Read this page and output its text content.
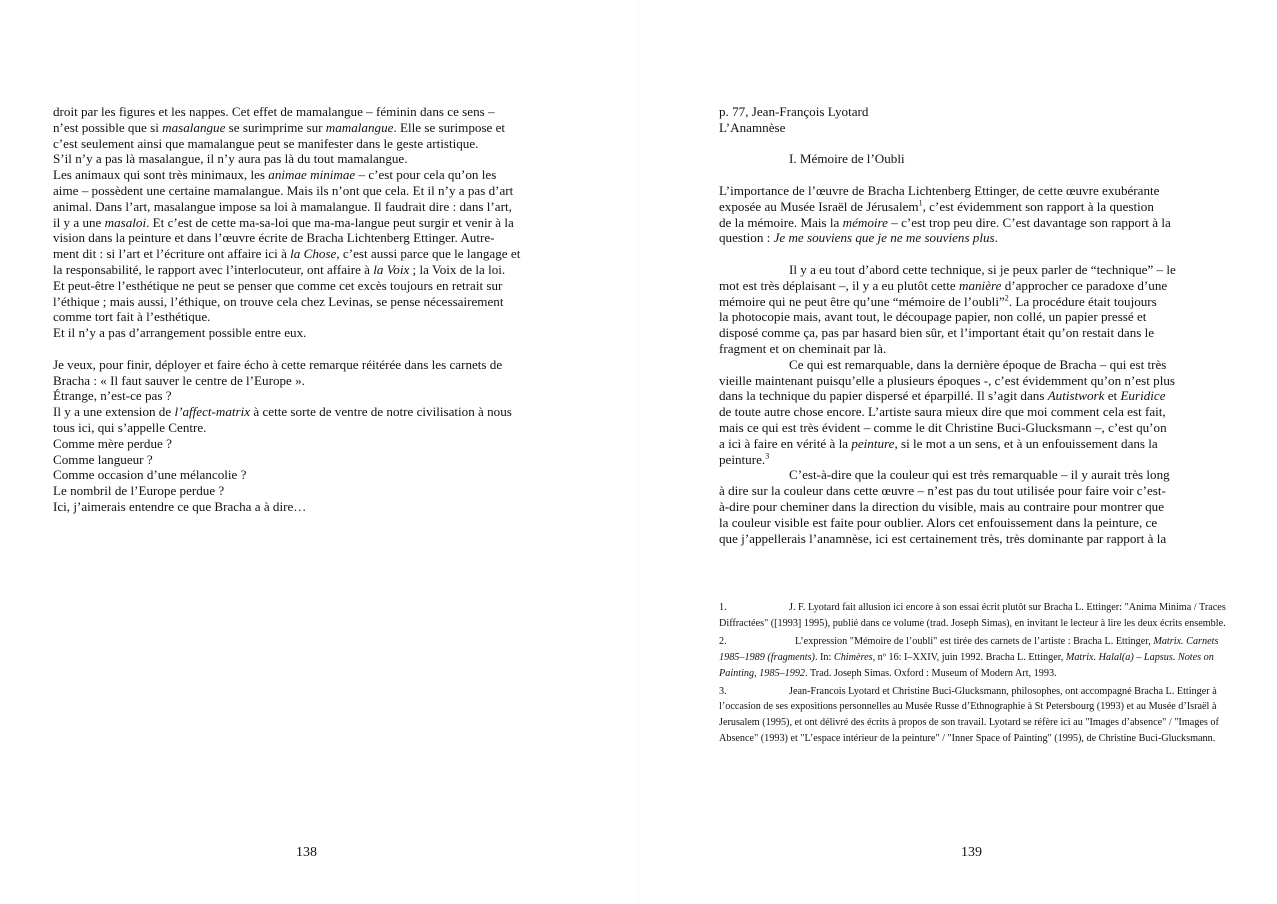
droit par les figures et les nappes. Cet effet de mamalangue – féminin dans ce sens –
n’est possible que si masalangue se surimprime sur mamalangue. Elle se surimpose et
c’est seulement ainsi que mamalangue peut se manifester dans le geste artistique.
S’il n’y a pas là masalangue, il n’y aura pas là du tout mamalangue.
Les animaux qui sont très minimaux, les animae minimae – c’est pour cela qu’on les
aime – possèdent une certaine mamalangue. Mais ils n’ont que cela. Et il n’y a pas d’art
animal. Dans l’art, masalangue impose sa loi à mamalangue. Il faudrait dire : dans l’art,
il y a une masaloi. Et c’est de cette ma-sa-loi que ma-ma-langue peut surgir et venir à la
vision dans la peinture et dans l’œuvre écrite de Bracha Lichtenberg Ettinger. Autre-
ment dit : si l’art et l’écriture ont affaire ici à la Chose, c’est aussi parce que le langage et
la responsabilité, le rapport avec l’interlocuteur, ont affaire à la Voix ; la Voix de la loi.
Et peut-être l’esthétique ne peut se penser que comme cet excès toujours en retrait sur
l’éthique ; mais aussi, l’éthique, on trouve cela chez Levinas, se pense nécessairement
comme tort fait à l’esthétique.
Et il n’y a pas d’arrangement possible entre eux.
Je veux, pour finir, déployer et faire écho à cette remarque réitérée dans les carnets de
Bracha : « Il faut sauver le centre de l’Europe ».
Étrange, n’est-ce pas ?
Il y a une extension de l’affect-matrix à cette sorte de ventre de notre civilisation à nous
tous ici, qui s’appelle Centre.
Comme mère perdue ?
Comme langueur ?
Comme occasion d’une mélancolie ?
Le nombril de l’Europe perdue ?
Ici, j’aimerais entendre ce que Bracha a à dire…
138
p. 77, Jean-François Lyotard
L’Anamnèse
I. Mémoire de l’Oubli
L’importance de l’œuvre de Bracha Lichtenberg Ettinger, de cette œuvre exubérante
exposée au Musée Israël de Jérusalem$^1$, c’est évidemment son rapport à la question
de la mémoire. Mais la mémoire – c’est trop peu dire. C’est davantage son rapport à la
question : Je me souviens que je ne me souviens plus.
Il y a eu tout d’abord cette technique, si je peux parler de “technique” – le
mot est très déplaisant –, il y a eu plutôt cette manière d’approcher ce paradoxe d’une
mémoire qui ne peut être qu’une “mémoire de l’oubli”$^2$. La procédure était toujours
la photocopie mais, avant tout, le découpage papier, non collé, un papier pressé et
disposé comme ça, pas par hasard bien sûr, et l’important était qu’on restait dans le
fragment et on cheminait par là.
Ce qui est remarquable, dans la dernière époque de Bracha – qui est très
vieille maintenant puisqu’elle a plusieurs époques -, c’est évidemment qu’on n’est plus
dans la technique du papier dispersé et éparpillé. Il s’agit dans Autistwork et Euridice
de toute autre chose encore. L’artiste saura mieux dire que moi comment cela est fait,
mais ce qui est très évident – comme le dit Christine Buci-Glucksmann –, c’est qu’on
a ici à faire en vérité à la peinture, si le mot a un sens, et à un enfouissement dans la
peinture.$^3$
C’est-à-dire que la couleur qui est très remarquable – il y aurait très long
à dire sur la couleur dans cette œuvre – n’est pas du tout utilisée pour faire voir c’est-
à-dire pour cheminer dans la direction du visible, mais au contraire pour montrer que
la couleur visible est faite pour oublier. Alors cet enfouissement dans la peinture, ce
que j’appellerais l’anamnèse, ici est certainement très, très dominante par rapport à la
1.	J. F. Lyotard fait allusion ici encore à son essai écrit plutôt sur Bracha L. Ettinger: "Anima Minima / Traces Diffractées" ([1993] 1995), publié dans ce volume (trad. Joseph Simas), en invitant le lecteur à lire les deux écrits ensemble.
2.	L’expression "Mémoire de l’oubli" est tirée des carnets de l’artiste : Bracha L. Ettinger, Matrix. Carnets 1985–1989 (fragments). In: Chimères, nº 16: I–XXIV, juin 1992. Bracha L. Ettinger, Matrix. Halal(a) – Lapsus. Notes on Painting, 1985–1992. Trad. Joseph Simas. Oxford : Museum of Modern Art, 1993.
3.	Jean-Francois Lyotard et Christine Buci-Glucksmann, philosophes, ont accompagné Bracha L. Ettinger à l’occasion de ses expositions personnelles au Musée Russe d’Ethnographie à St Petersbourg (1993) et au Musée d’Israël à Jerusalem (1995), et ont délivré des écrits à propos de son travail. Lyotard se réfère ici au "Images d’absence" / "Images of Absence" (1993) et "L’espace intérieur de la peinture" / "Inner Space of Painting" (1995), de Christine Buci-Glucksmann.
139
